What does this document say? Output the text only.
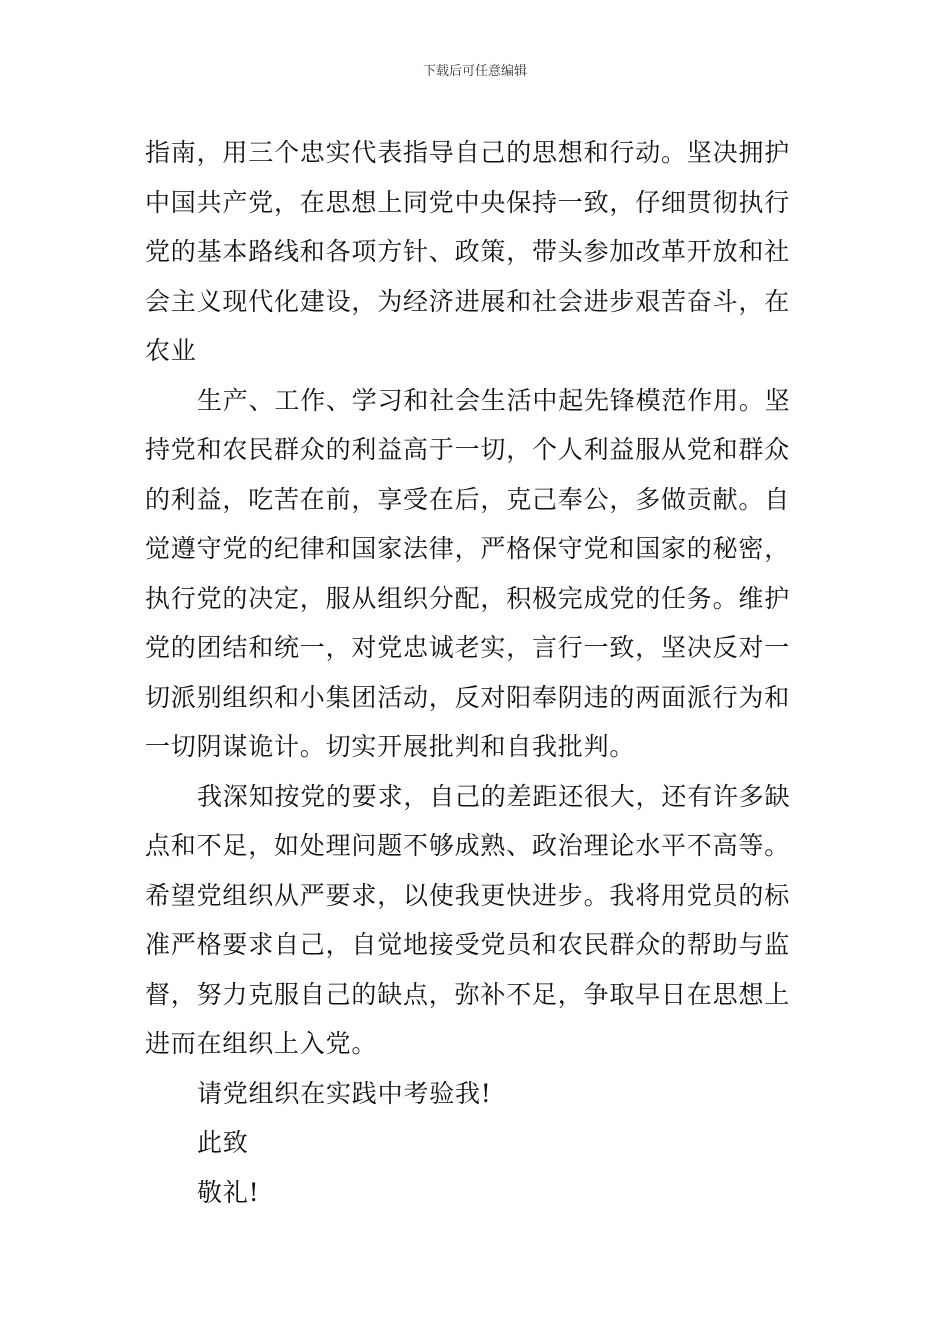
下载后可任意编辑

指南，用三个忠实代表指导自己的思想和行动。坚决拥护
中国共产党，在思想上同党中央保持一致，仔细贯彻执行
党的基本路线和各项方针、政策，带头参加改革开放和社
会主义现代化建设，为经济进展和社会进步艰苦奋斗，在
农业

生产、工作、学习和社会生活中起先锋模范作用。坚
持党和农民群众的利益高于一切，个人利益服从党和群众
的利益，吃苦在前，享受在后，克己奉公，多做贡献。自
觉遵守党的纪律和国家法律，严格保守党和国家的秘密，
执行党的决定，服从组织分配，积极完成党的任务。维护
党的团结和统一，对党忠诚老实，言行一致，坚决反对一
切派别组织和小集团活动，反对阳奉阴违的两面派行为和
一切阴谋诡计。切实开展批判和自我批判。

我深知按党的要求，自己的差距还很大，还有许多缺
点和不足，如处理问题不够成熟、政治理论水平不高等。
希望党组织从严要求，以使我更快进步。我将用党员的标
准严格要求自己，自觉地接受党员和农民群众的帮助与监
督，努力克服自己的缺点，弥补不足，争取早日在思想上
进而在组织上入党。

请党组织在实践中考验我!

此致

敬礼!
